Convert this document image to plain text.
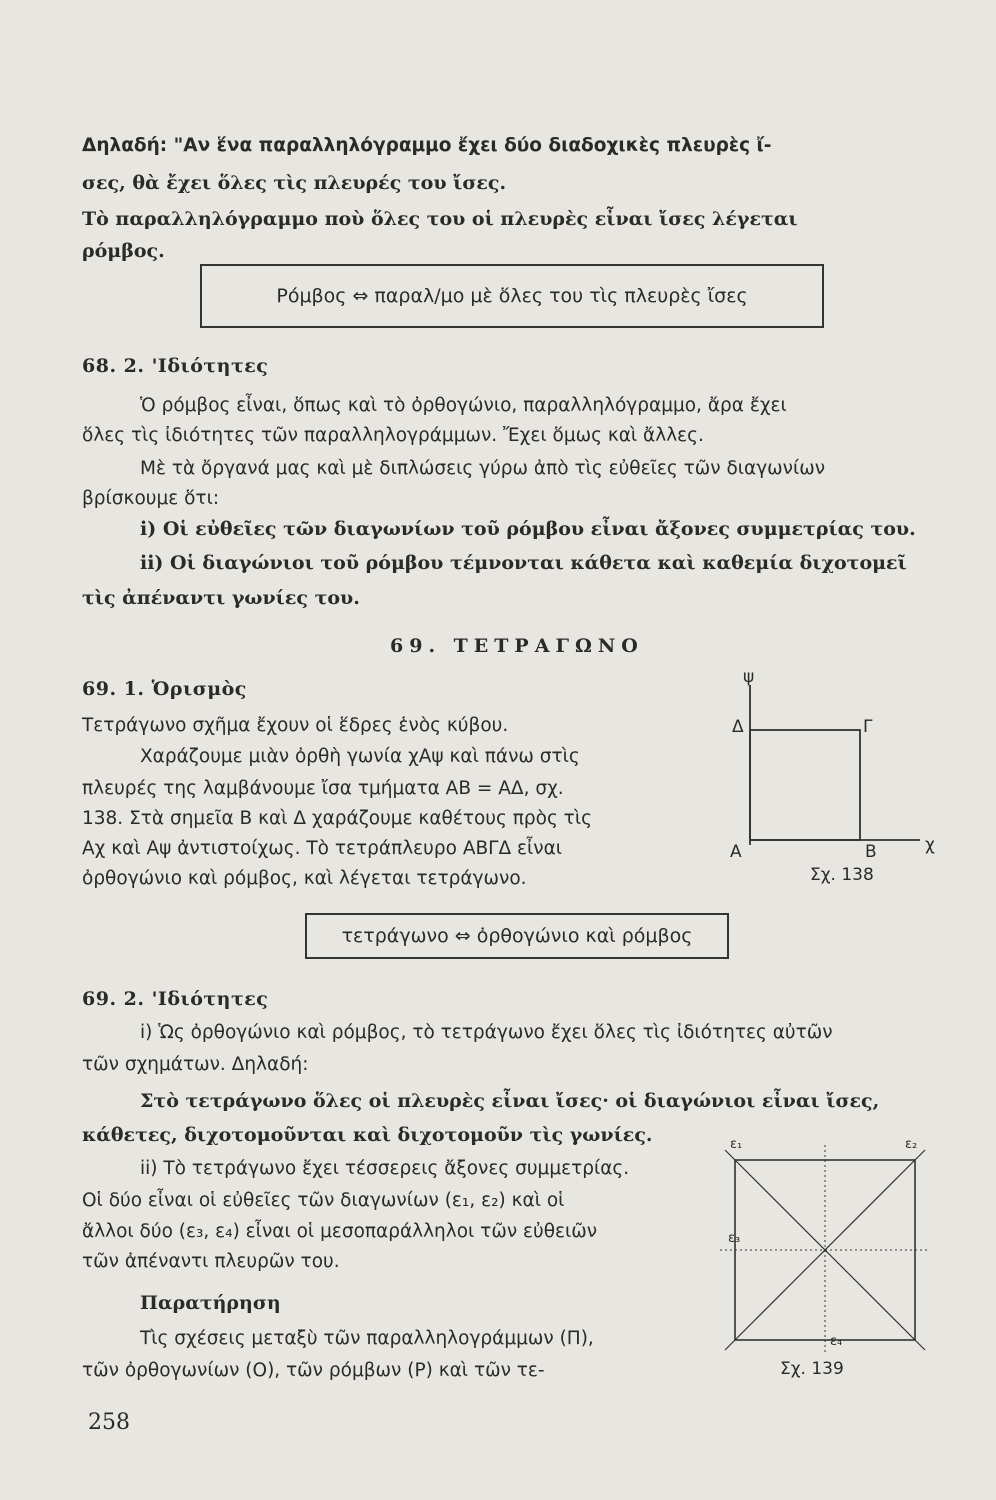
Δηλαδή: "Αν ἕνα παραλληλόγραμμο ἔχει δύο διαδοχικὲς πλευρὲς ἴ-
σες, θὰ ἔχει ὅλες τὶς πλευρές του ἴσες.
Τὸ παραλληλόγραμμο ποὺ ὅλες του οἱ πλευρὲς εἶναι ἴσες λέγεται
ρόμβος.
Ρόμβος ⇔ παραλ/μο μὲ ὅλες του τὶς πλευρὲς ἴσες
68. 2. 'Ιδιότητες
Ὁ ρόμβος εἶναι, ὅπως καὶ τὸ ὀρθογώνιο, παραλληλόγραμμο, ἄρα ἔχει
ὅλες τὶς ἰδιότητες τῶν παραλληλογράμμων. Ἔχει ὅμως καὶ ἄλλες.
Μὲ τὰ ὄργανά μας καὶ μὲ διπλώσεις γύρω ἀπὸ τὶς εὐθεῖες τῶν διαγωνίων
βρίσκουμε ὅτι:
i) Οἱ εὐθεῖες τῶν διαγωνίων τοῦ ρόμβου εἶναι ἄξονες συμμετρίας του.
ii) Οἱ διαγώνιοι τοῦ ρόμβου τέμνονται κάθετα καὶ καθεμία διχοτομεῖ
τὶς ἀπέναντι γωνίες του.
69. ΤΕΤΡΑΓΩΝΟ
69. 1. Ὁρισμὸς
Τετράγωνο σχῆμα ἔχουν οἱ ἕδρες ἑνὸς κύβου.
Χαράζουμε μιὰν ὀρθὴ γωνία χΑψ καὶ πάνω στὶς
πλευρές της λαμβάνουμε ἴσα τμήματα ΑΒ = ΑΔ, σχ.
138. Στὰ σημεῖα Β καὶ Δ χαράζουμε καθέτους πρὸς τὶς
Αχ καὶ Αψ ἀντιστοίχως. Τὸ τετράπλευρο ΑΒΓΔ εἶναι
ὀρθογώνιο καὶ ρόμβος, καὶ λέγεται τετράγωνο.
ψ
χ
Α	Β
Γ
Δ
Σχ. 138
τετράγωνο ⇔ ὀρθογώνιο καὶ ρόμβος
69. 2. 'Ιδιότητες
i) Ὡς ὀρθογώνιο καὶ ρόμβος, τὸ τετράγωνο ἔχει ὅλες τὶς ἰδιότητες αὐτῶν
τῶν σχημάτων. Δηλαδή:
Στὸ τετράγωνο ὅλες οἱ πλευρὲς εἶναι ἴσες· οἱ διαγώνιοι εἶναι ἴσες,
κάθετες, διχοτομοῦνται καὶ διχοτομοῦν τὶς γωνίες.
ii) Τὸ τετράγωνο ἔχει τέσσερεις ἄξονες συμμετρίας.
Οἱ δύο εἶναι οἱ εὐθεῖες τῶν διαγωνίων (ε₁, ε₂) καὶ οἱ
ἄλλοι δύο (ε₃, ε₄) εἶναι οἱ μεσοπαράλληλοι τῶν εὐθειῶν
τῶν ἀπέναντι πλευρῶν του.
Παρατήρηση
Τὶς σχέσεις μεταξὺ τῶν παραλληλογράμμων (Π),
τῶν ὀρθογωνίων (Ο), τῶν ρόμβων (Ρ) καὶ τῶν τε-
ε₁	ε₂
ε₃
ε₄
Σχ. 139
258
